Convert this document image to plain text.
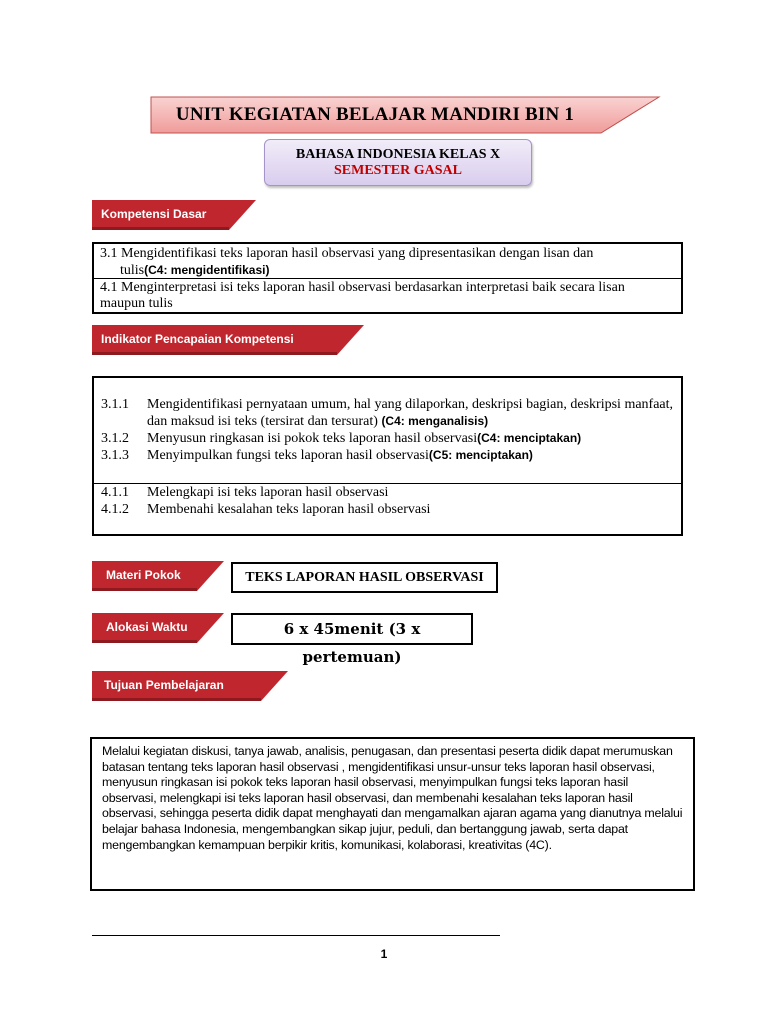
UNIT KEGIATAN BELAJAR MANDIRI BIN 1
BAHASA INDONESIA KELAS X
SEMESTER GASAL
Kompetensi Dasar
3.1 Mengidentifikasi teks laporan hasil observasi yang dipresentasikan dengan lisan dan
tulis(C4: mengidentifikasi)
4.1 Menginterpretasi isi teks laporan hasil observasi berdasarkan interpretasi baik secara lisan
maupun tulis
Indikator Pencapaian Kompetensi
3.1.1	Mengidentifikasi pernyataan umum, hal yang dilaporkan, deskripsi bagian, deskripsi manfaat, dan maksud isi teks (tersirat dan tersurat) (C4: menganalisis)
3.1.2	Menyusun ringkasan isi pokok teks laporan hasil observasi(C4: menciptakan)
3.1.3	Menyimpulkan fungsi teks laporan hasil observasi(C5: menciptakan)
4.1.1	Melengkapi isi teks laporan hasil observasi
4.1.2	Membenahi kesalahan teks laporan hasil observasi
Materi Pokok	TEKS LAPORAN HASIL OBSERVASI
Alokasi Waktu	6 x 45menit (3 x pertemuan)
Tujuan Pembelajaran
Melalui kegiatan diskusi, tanya jawab, analisis, penugasan, dan presentasi peserta didik dapat merumuskan batasan tentang teks laporan hasil observasi , mengidentifikasi unsur-unsur teks laporan hasil observasi, menyusun ringkasan isi pokok teks laporan hasil observasi, menyimpulkan fungsi teks laporan hasil observasi, melengkapi isi teks laporan hasil observasi, dan membenahi kesalahan teks laporan hasil observasi, sehingga peserta didik dapat menghayati dan mengamalkan ajaran agama yang dianutnya melalui belajar bahasa Indonesia, mengembangkan sikap jujur, peduli, dan bertanggung jawab, serta dapat mengembangkan kemampuan berpikir kritis, komunikasi, kolaborasi, kreativitas (4C).
1
